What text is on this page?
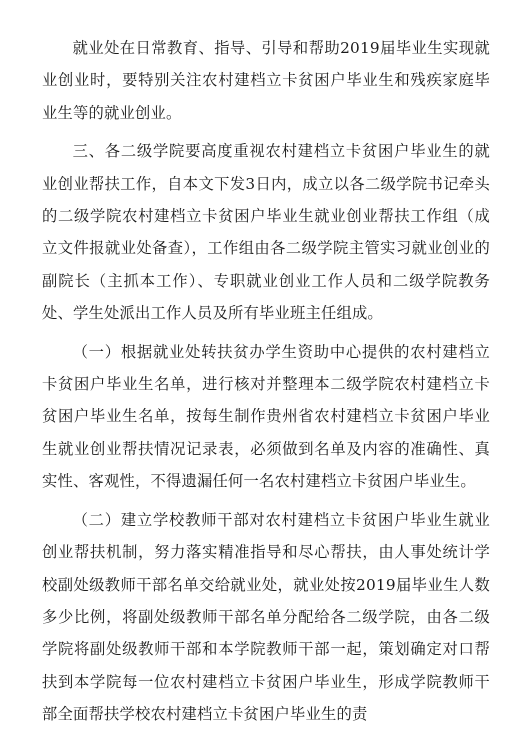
就业处在日常教育、指导、引导和帮助2019届毕业生实现就业创业时，要特别关注农村建档立卡贫困户毕业生和残疾家庭毕业生等的就业创业。

三、各二级学院要高度重视农村建档立卡贫困户毕业生的就业创业帮扶工作，自本文下发3日内，成立以各二级学院书记牵头的二级学院农村建档立卡贫困户毕业生就业创业帮扶工作组（成立文件报就业处备查），工作组由各二级学院主管实习就业创业的副院长（主抓本工作）、专职就业创业工作人员和二级学院教务处、学生处派出工作人员及所有毕业班主任组成。

（一）根据就业处转扶贫办学生资助中心提供的农村建档立卡贫困户毕业生名单，进行核对并整理本二级学院农村建档立卡贫困户毕业生名单，按每生制作贵州省农村建档立卡贫困户毕业生就业创业帮扶情况记录表，必须做到名单及内容的准确性、真实性、客观性，不得遗漏任何一名农村建档立卡贫困户毕业生。

（二）建立学校教师干部对农村建档立卡贫困户毕业生就业创业帮扶机制，努力落实精准指导和尽心帮扶，由人事处统计学校副处级教师干部名单交给就业处，就业处按2019届毕业生人数多少比例，将副处级教师干部名单分配给各二级学院，由各二级学院将副处级教师干部和本学院教师干部一起，策划确定对口帮扶到本学院每一位农村建档立卡贫困户毕业生，形成学院教师干部全面帮扶学校农村建档立卡贫困户毕业生的责
